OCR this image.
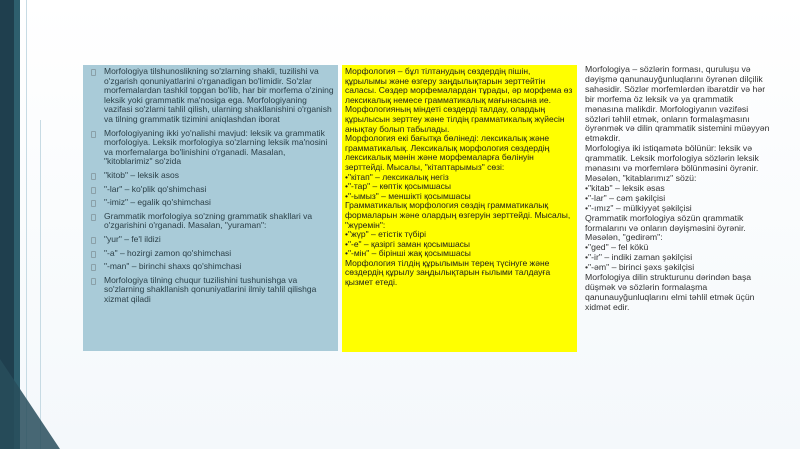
Morfologiya tilshunoslikning so'zlarning shakli, tuzilishi va o'zgarish qonuniyatlarini o'rganadigan bo'limidir. So'zlar morfemalardan tashkil topgan bo'lib, har bir morfema o'zining leksik yoki grammatik ma'nosiga ega. Morfologiyaning vazifasi so'zlarni tahlil qilish, ularning shakllanishini o'rganish va tilning grammatik tizimini aniqlashdan iborat
Morfologiyaning ikki yo'nalishi mavjud: leksik va grammatik morfologiya. Leksik morfologiya so'zlarning leksik ma'nosini va morfemalarga bo'linishini o'rganadi. Masalan, "kitoblarimiz" so'zida
"kitob" – leksik asos
"-lar" – ko'plik qo'shimchasi
"-imiz" – egalik qo'shimchasi
Grammatik morfologiya so'zning grammatik shakllari va o'zgarishini o'rganadi. Masalan, "yuraman":
"yur" – fe'l ildizi
"-a" – hozirgi zamon qo'shimchasi
"-man" – birinchi shaxs qo'shimchasi
Morfologiya tilning chuqur tuzilishini tushunishga va so'zlarning shakllanish qonuniyatlarini ilmiy tahlil qilishga xizmat qiladi

Морфология – бұл тілтанудың сөздердің пішін, құрылымы және өзгеру заңдылықтарын зерттейтін саласы. Сөздер морфемалардан тұрады, әр морфема өз лексикалық немесе грамматикалық мағынасына ие. Морфологияның міндеті сөздерді талдау, олардың құрылысын зерттеу және тілдің грамматикалық жүйесін анықтау болып табылады.

Морфология екі бағытқа бөлінеді: лексикалық және грамматикалық. Лексикалық морфология сөздердің лексикалық мәнін және морфемаларға бөлінуін зерттейді. Мысалы, "кітаптарымыз" сөзі:

•"кітап" – лексикалық негіз

•"-тар" – көптік қосымшасы

•"-ымыз" – меншікті қосымшасы

Грамматикалық морфология сөздің грамматикалық формаларын және олардың өзгеруін зерттейді. Мысалы, "жүремін":

•"жүр" – етістік түбірі

•"-е" – қазіргі заман қосымшасы

•"-мін" – бірінші жақ қосымшасы

Морфология тілдің құрылымын терең түсінуге және сөздердің құрылу заңдылықтарын ғылыми талдауға қызмет етеді.

Morfologiya – sözlərin forması, quruluşu və dəyişmə qanunauyğunluqlarını öyrənən dilçilik sahəsidir. Sözlər morfemlərdən ibarətdir və hər bir morfema öz leksik və ya qrammatik mənasına malikdir. Morfologiyanın vəzifəsi sözləri təhlil etmək, onların formalaşmasını öyrənmək və dilin qrammatik sistemini müəyyən etməkdir.

Morfologiya iki istiqamətə bölünür: leksik və qrammatik. Leksik morfologiya sözlərin leksik mənasını və morfemlərə bölünməsini öyrənir. Məsələn, "kitablarımız" sözü:

•"kitab" – leksik əsas

•"-lar" – cəm şəkilçisi

•"-ımız" – mülkiyyət şəkilçisi

Qrammatik morfologiya sözün qrammatik formalarını və onların dəyişməsini öyrənir. Məsələn, "gedirəm":

•"ged" – fel kökü

•"-ir" – indiki zaman şəkilçisi

•"-əm" – birinci şəxs şəkilçisi

Morfologiya dilin strukturunu dərindən başa düşmək və sözlərin formalaşma qanunauyğunluqlarını elmi təhlil etmək üçün xidmət edir.
